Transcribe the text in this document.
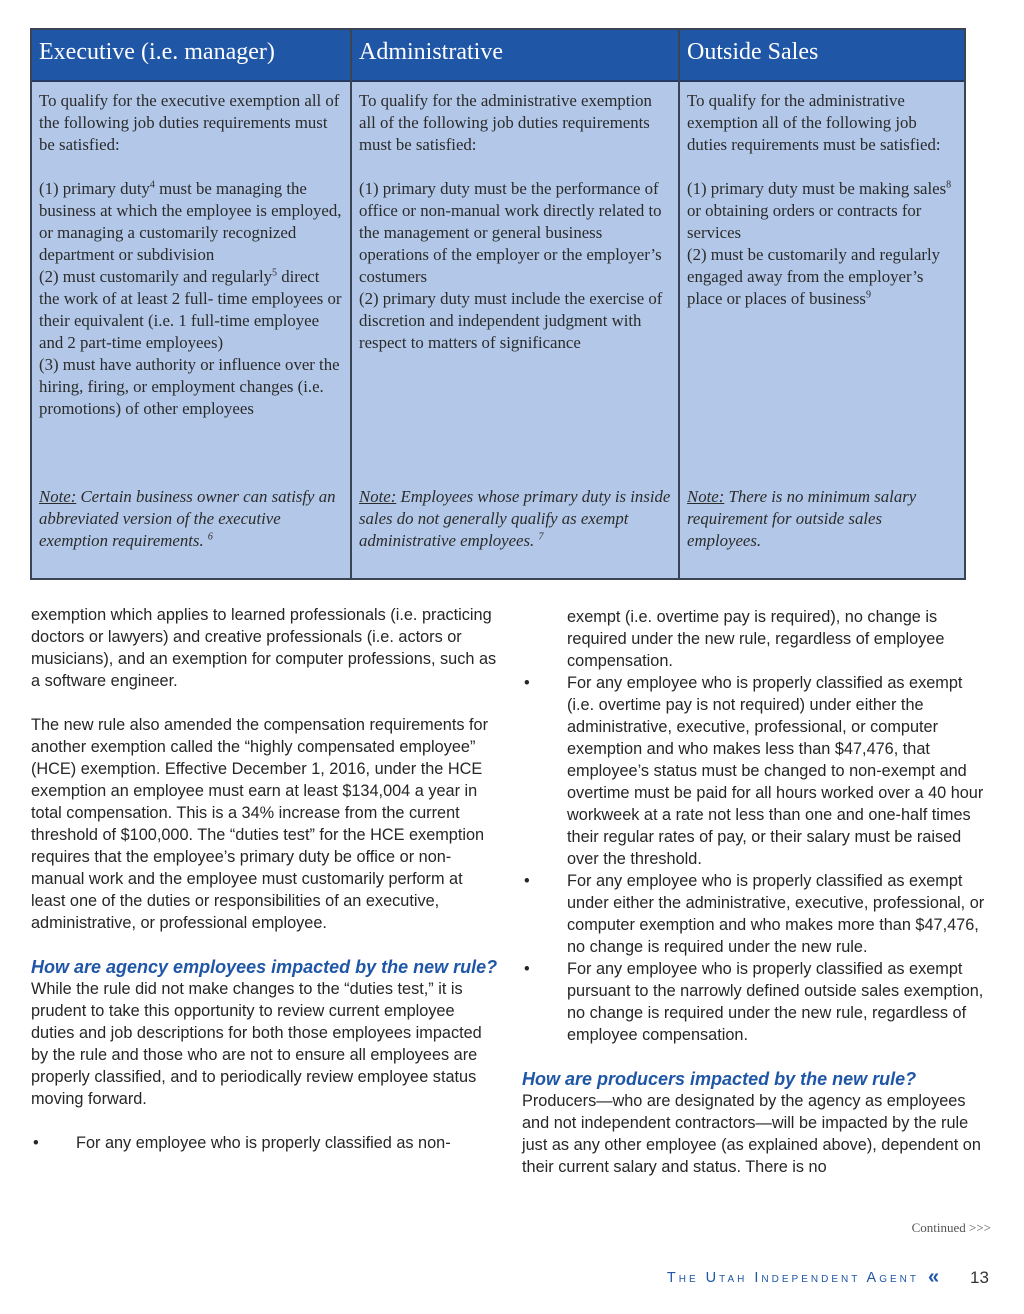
Executive (i.e. manager)

To qualify for the executive exemption all of the following job duties requirements must be satisfied:

(1) primary duty$^4$ must be managing the business at which the employee is employed, or managing a customarily recognized department or subdivision

(2) must customarily and regularly$^5$ direct the work of at least 2 full- time employees or their equivalent (i.e. 1 full-time employee and 2 part-time employees)

(3) must have authority or influence over the hiring, firing, or employment changes (i.e. promotions) of other employees

Note: Certain business owner can satisfy an abbreviated version of the executive exemption requirements. $^6$
Administrative

To qualify for the administrative exemption all of the following job duties requirements must be satisfied:

(1) primary duty must be the performance of office or non-manual work directly related to the management or general business operations of the employer or the employer’s costumers

(2) primary duty must include the exercise of discretion and independent judgment with respect to matters of significance

Note: Employees whose primary duty is inside sales do not generally qualify as exempt administrative employees. $^7$
Outside Sales

To qualify for the administrative exemption all of the following job duties requirements must be satisfied:

(1) primary duty must be making sales$^8$ or obtaining orders or contracts for services

(2) must be customarily and regularly engaged away from the employer’s place or places of business$^9$

Note: There is no minimum salary requirement for outside sales employees.

exemption which applies to learned professionals (i.e. practicing doctors or lawyers) and creative professionals (i.e. actors or musicians), and an exemption for computer professions, such as a software engineer.

The new rule also amended the compensation requirements for another exemption called the “highly compensated employee” (HCE) exemption. Effective December 1, 2016, under the HCE exemption an employee must earn at least $134,004 a year in total compensation. This is a 34% increase from the current threshold of $100,000. The “duties test” for the HCE exemption requires that the employee’s primary duty be office or non-manual work and the employee must customarily perform at least one of the duties or responsibilities of an executive, administrative, or professional employee.

How are agency employees impacted by the new rule?

While the rule did not make changes to the “duties test,” it is prudent to take this opportunity to review current employee duties and job descriptions for both those employees impacted by the rule and those who are not to ensure all employees are properly classified, and to periodically review employee status moving forward.

• For any employee who is properly classified as non-

exempt (i.e. overtime pay is required), no change is required under the new rule, regardless of employee compensation.

• For any employee who is properly classified as exempt (i.e. overtime pay is not required) under either the administrative, executive, professional, or computer exemption and who makes less than $47,476, that employee’s status must be changed to non-exempt and overtime must be paid for all hours worked over a 40 hour workweek at a rate not less than one and one-half times their regular rates of pay, or their salary must be raised over the threshold.

• For any employee who is properly classified as exempt under either the administrative, executive, professional, or computer exemption and who makes more than $47,476, no change is required under the new rule.

• For any employee who is properly classified as exempt pursuant to the narrowly defined outside sales exemption, no change is required under the new rule, regardless of employee compensation.

How are producers impacted by the new rule?

Producers—who are designated by the agency as employees and not independent contractors—will be impacted by the rule just as any other employee (as explained above), dependent on their current salary and status. There is no

Continued >>>
The Utah Independent Agent « 13
